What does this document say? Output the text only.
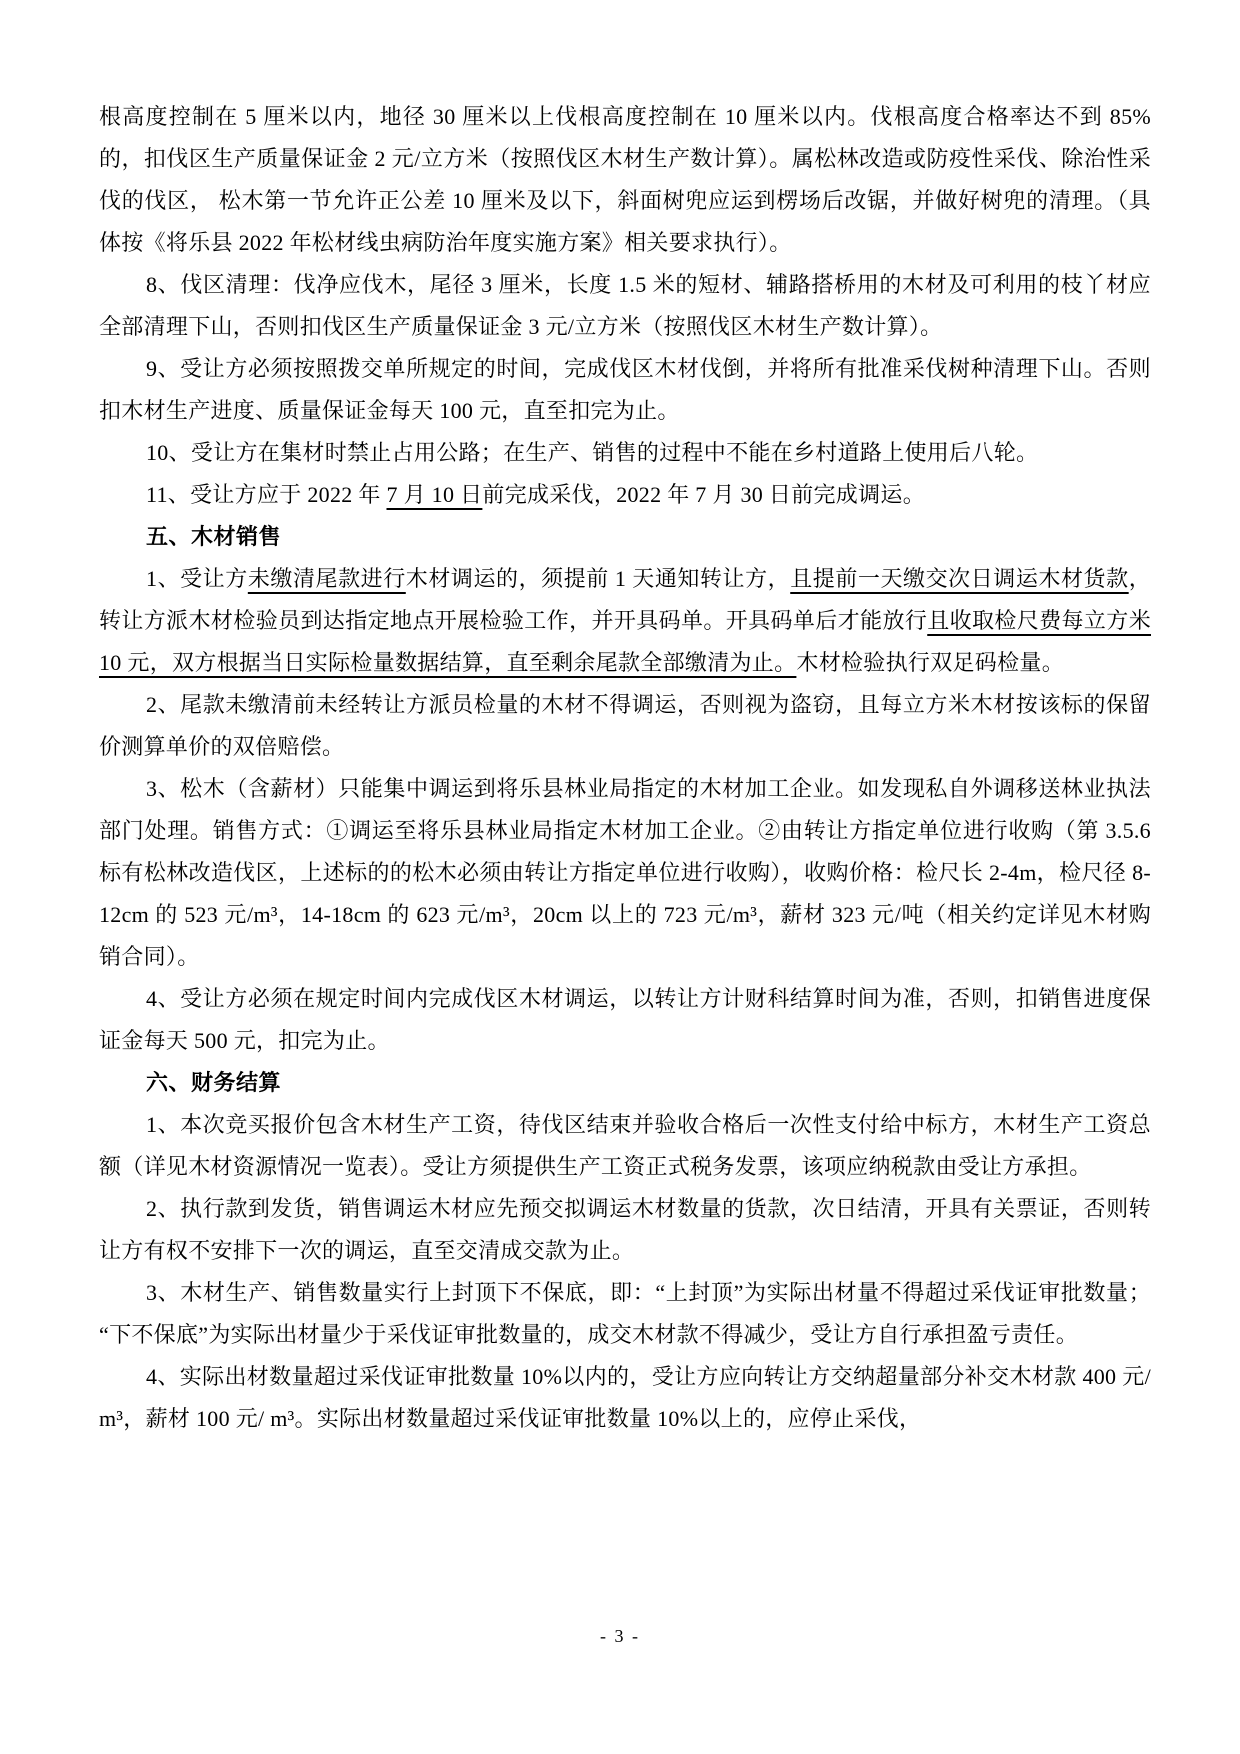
根高度控制在 5 厘米以内，地径 30 厘米以上伐根高度控制在 10 厘米以内。伐根高度合格率达不到 85%的，扣伐区生产质量保证金 2 元/立方米（按照伐区木材生产数计算）。属松林改造或防疫性采伐、除治性采伐的伐区， 松木第一节允许正公差 10 厘米及以下，斜面树兜应运到楞场后改锯，并做好树兜的清理。（具体按《将乐县 2022 年松材线虫病防治年度实施方案》相关要求执行）。

8、伐区清理：伐净应伐木，尾径 3 厘米，长度 1.5 米的短材、辅路搭桥用的木材及可利用的枝丫材应全部清理下山，否则扣伐区生产质量保证金 3 元/立方米（按照伐区木材生产数计算）。

9、受让方必须按照拨交单所规定的时间，完成伐区木材伐倒，并将所有批准采伐树种清理下山。否则扣木材生产进度、质量保证金每天 100 元，直至扣完为止。

10、受让方在集材时禁止占用公路；在生产、销售的过程中不能在乡村道路上使用后八轮。

11、受让方应于 2022 年 7 月 10 日前完成采伐，2022 年 7 月 30 日前完成调运。

五、木材销售

1、受让方未缴清尾款进行木材调运的，须提前 1 天通知转让方，且提前一天缴交次日调运木材货款，转让方派木材检验员到达指定地点开展检验工作，并开具码单。开具码单后才能放行且收取检尺费每立方米 10 元，双方根据当日实际检量数据结算，直至剩余尾款全部缴清为止。木材检验执行双足码检量。

2、尾款未缴清前未经转让方派员检量的木材不得调运，否则视为盗窃，且每立方米木材按该标的保留价测算单价的双倍赔偿。

3、松木（含薪材）只能集中调运到将乐县林业局指定的木材加工企业。如发现私自外调移送林业执法部门处理。销售方式：①调运至将乐县林业局指定木材加工企业。②由转让方指定单位进行收购（第 3.5.6 标有松林改造伐区，上述标的的松木必须由转让方指定单位进行收购），收购价格：检尺长 2-4m，检尺径 8-12cm 的 523 元/m³，14-18cm 的 623 元/m³，20cm 以上的 723 元/m³，薪材 323 元/吨（相关约定详见木材购销合同）。

4、受让方必须在规定时间内完成伐区木材调运，以转让方计财科结算时间为准，否则，扣销售进度保证金每天 500 元，扣完为止。

六、财务结算

1、本次竞买报价包含木材生产工资，待伐区结束并验收合格后一次性支付给中标方，木材生产工资总额（详见木材资源情况一览表）。受让方须提供生产工资正式税务发票，该项应纳税款由受让方承担。

2、执行款到发货，销售调运木材应先预交拟调运木材数量的货款，次日结清，开具有关票证，否则转让方有权不安排下一次的调运，直至交清成交款为止。

3、木材生产、销售数量实行上封顶下不保底，即：“上封顶”为实际出材量不得超过采伐证审批数量；“下不保底”为实际出材量少于采伐证审批数量的，成交木材款不得减少，受让方自行承担盈亏责任。

4、实际出材数量超过采伐证审批数量 10%以内的，受让方应向转让方交纳超量部分补交木材款 400 元/ m³，薪材 100 元/ m³。实际出材数量超过采伐证审批数量 10%以上的，应停止采伐，

- 3 -
